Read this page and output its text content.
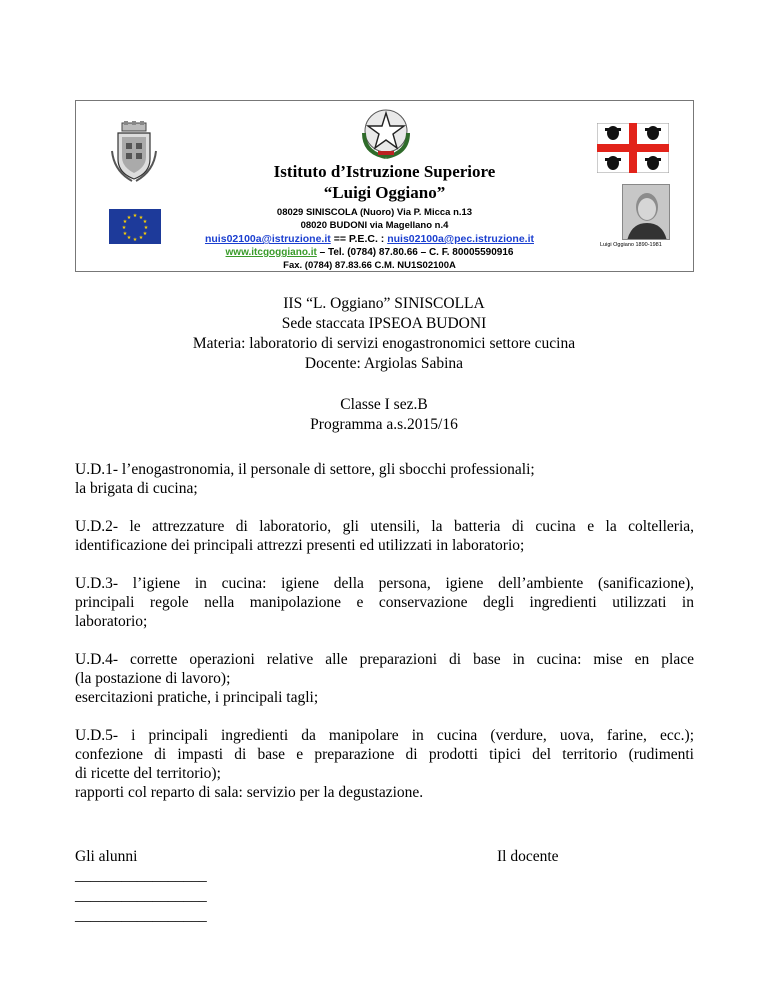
★ ★
★
★
★
★
★
★
★
★
★
★
Luigi Oggiano 1890-1981
Istituto d’Istruzione Superiore
“Luigi Oggiano”
08029 SINISCOLA (Nuoro) Via P. Micca n.13
08020 BUDONI via Magellano n.4
nuis02100a@istruzione.it == P.E.C. : nuis02100a@pec.istruzione.it
www.itcgoggiano.it – Tel. (0784) 87.80.66 – C. F. 80005590916
Fax. (0784) 87.83.66 C.M. NU1S02100A
IIS “L. Oggiano” SINISCOLLA
Sede staccata IPSEOA BUDONI
Materia: laboratorio di servizi enogastronomici settore cucina
Docente: Argiolas Sabina
Classe I sez.B
Programma a.s.2015/16
U.D.1- l’enogastronomia, il personale di settore, gli sbocchi professionali;
la brigata di cucina;
U.D.2- le attrezzature di laboratorio, gli utensili, la batteria di cucina e la coltelleria,
identificazione dei principali attrezzi presenti ed utilizzati in laboratorio;
U.D.3- l’igiene in cucina: igiene della persona, igiene dell’ambiente (sanificazione),
principali regole nella manipolazione e conservazione degli ingredienti utilizzati in
laboratorio;
U.D.4- corrette operazioni relative alle preparazioni di base in cucina: mise en place
(la postazione di lavoro);
esercitazioni pratiche, i principali tagli;
U.D.5- i principali ingredienti da manipolare in cucina (verdure, uova, farine, ecc.);
confezione di impasti di base e preparazione di prodotti tipici del territorio (rudimenti
di ricette del territorio);
rapporti col reparto di sala: servizio per la degustazione.
Gli alunni	Il docente
_________________
_________________
_________________
